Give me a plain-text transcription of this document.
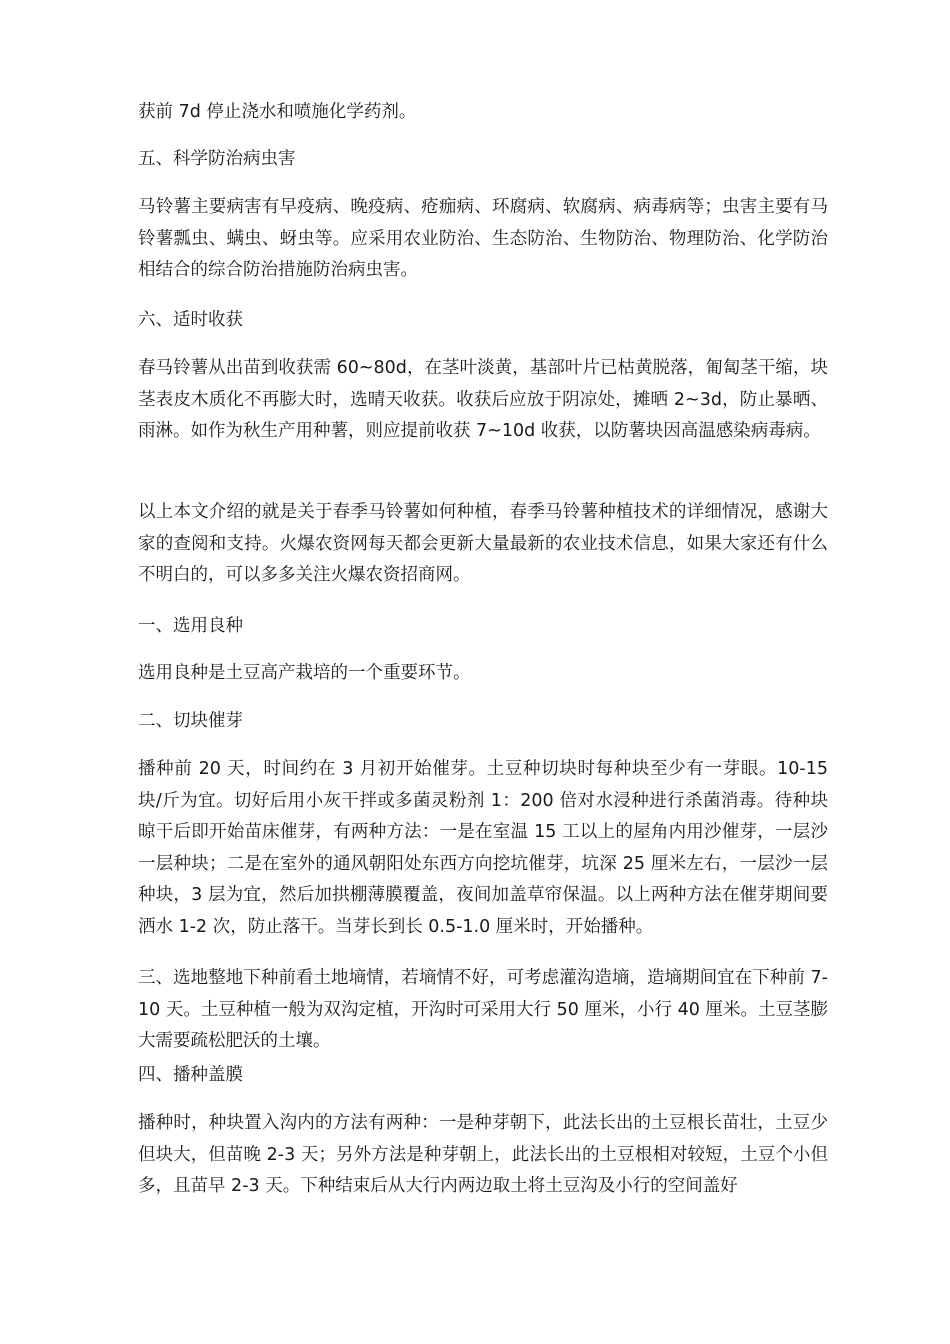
获前 7d 停止浇水和喷施化学药剂。

五、科学防治病虫害

马铃薯主要病害有早疫病、晚疫病、疮痂病、环腐病、软腐病、病毒病等；虫害主要有马铃薯瓢虫、螨虫、蚜虫等。应采用农业防治、生态防治、生物防治、物理防治、化学防治相结合的综合防治措施防治病虫害。

六、适时收获

春马铃薯从出苗到收获需 60~80d，在茎叶淡黄，基部叶片已枯黄脱落，匍匐茎干缩，块茎表皮木质化不再膨大时，选晴天收获。收获后应放于阴凉处，摊晒 2~3d，防止暴晒、雨淋。如作为秋生产用种薯，则应提前收获 7~10d 收获，以防薯块因高温感染病毒病。

以上本文介绍的就是关于春季马铃薯如何种植，春季马铃薯种植技术的详细情况，感谢大家的查阅和支持。火爆农资网每天都会更新大量最新的农业技术信息，如果大家还有什么不明白的，可以多多关注火爆农资招商网。

一、选用良种

选用良种是土豆高产栽培的一个重要环节。

二、切块催芽

播种前 20 天，时间约在 3 月初开始催芽。土豆种切块时每种块至少有一芽眼。10-15 块/斤为宜。切好后用小灰干拌或多菌灵粉剂 1：200 倍对水浸种进行杀菌消毒。待种块晾干后即开始苗床催芽，有两种方法：一是在室温 15 工以上的屋角内用沙催芽，一层沙一层种块；二是在室外的通风朝阳处东西方向挖坑催芽，坑深 25 厘米左右，一层沙一层种块，3 层为宜，然后加拱棚薄膜覆盖，夜间加盖草帘保温。以上两种方法在催芽期间要洒水 1-2 次，防止落干。当芽长到长 0.5-1.0 厘米时，开始播种。

三、选地整地下种前看土地墒情，若墒情不好，可考虑灌沟造墒，造墒期间宜在下种前 7-10 天。土豆种植一般为双沟定植，开沟时可采用大行 50 厘米，小行 40 厘米。土豆茎膨大需要疏松肥沃的土壤。

四、播种盖膜

播种时，种块置入沟内的方法有两种：一是种芽朝下，此法长出的土豆根长苗壮，土豆少但块大，但苗晚 2-3 天；另外方法是种芽朝上，此法长出的土豆根相对较短，土豆个小但多，且苗早 2-3 天。下种结束后从大行内两边取土将土豆沟及小行的空间盖好
